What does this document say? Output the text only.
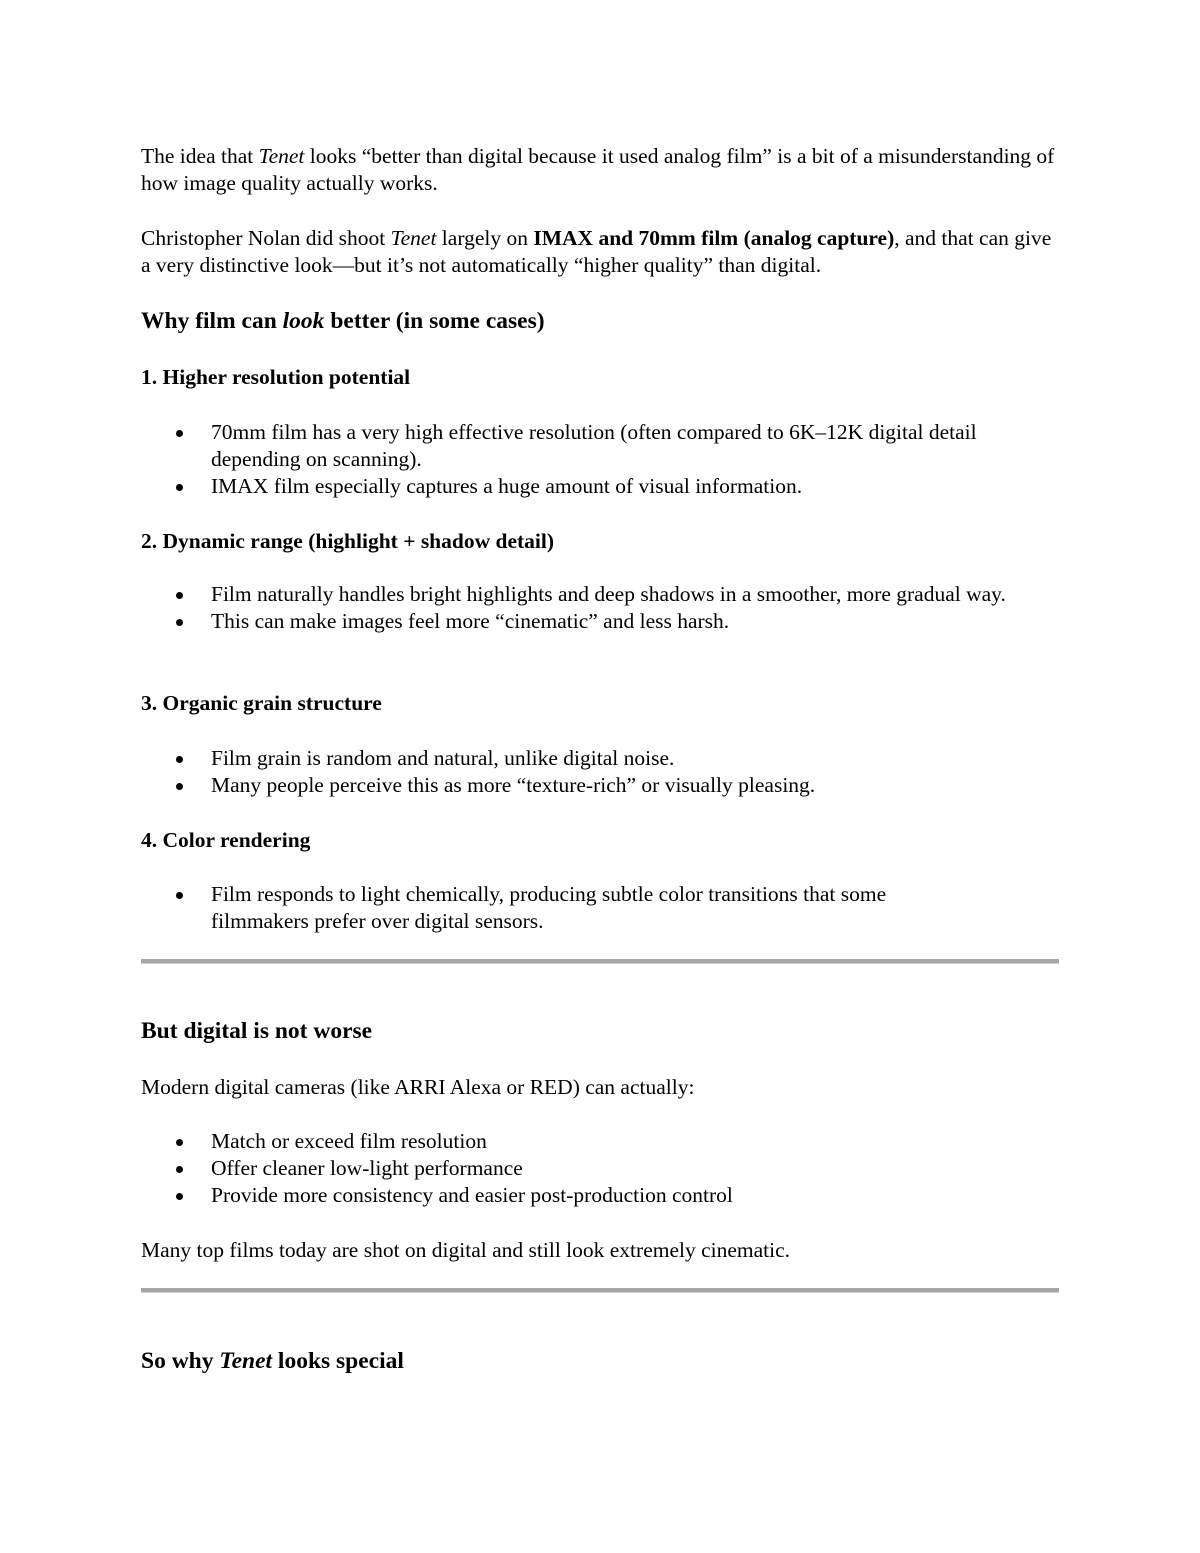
The idea that Tenet looks “better than digital because it used analog film” is a bit of a misunderstanding of how image quality actually works.

Christopher Nolan did shoot Tenet largely on IMAX and 70mm film (analog capture), and that can give a very distinctive look—but it’s not automatically “higher quality” than digital.

Why film can look better (in some cases)
1. Higher resolution potential
70mm film has a very high effective resolution (often compared to 6K–12K digital detail depending on scanning).
IMAX film especially captures a huge amount of visual information.
2. Dynamic range (highlight + shadow detail)
Film naturally handles bright highlights and deep shadows in a smoother, more gradual way.
This can make images feel more “cinematic” and less harsh.
3. Organic grain structure
Film grain is random and natural, unlike digital noise.
Many people perceive this as more “texture-rich” or visually pleasing.
4. Color rendering
Film responds to light chemically, producing subtle color transitions that some filmmakers prefer over digital sensors.
But digital is not worse

Modern digital cameras (like ARRI Alexa or RED) can actually:

Match or exceed film resolution
Offer cleaner low-light performance
Provide more consistency and easier post-production control

Many top films today are shot on digital and still look extremely cinematic.

So why Tenet looks special
